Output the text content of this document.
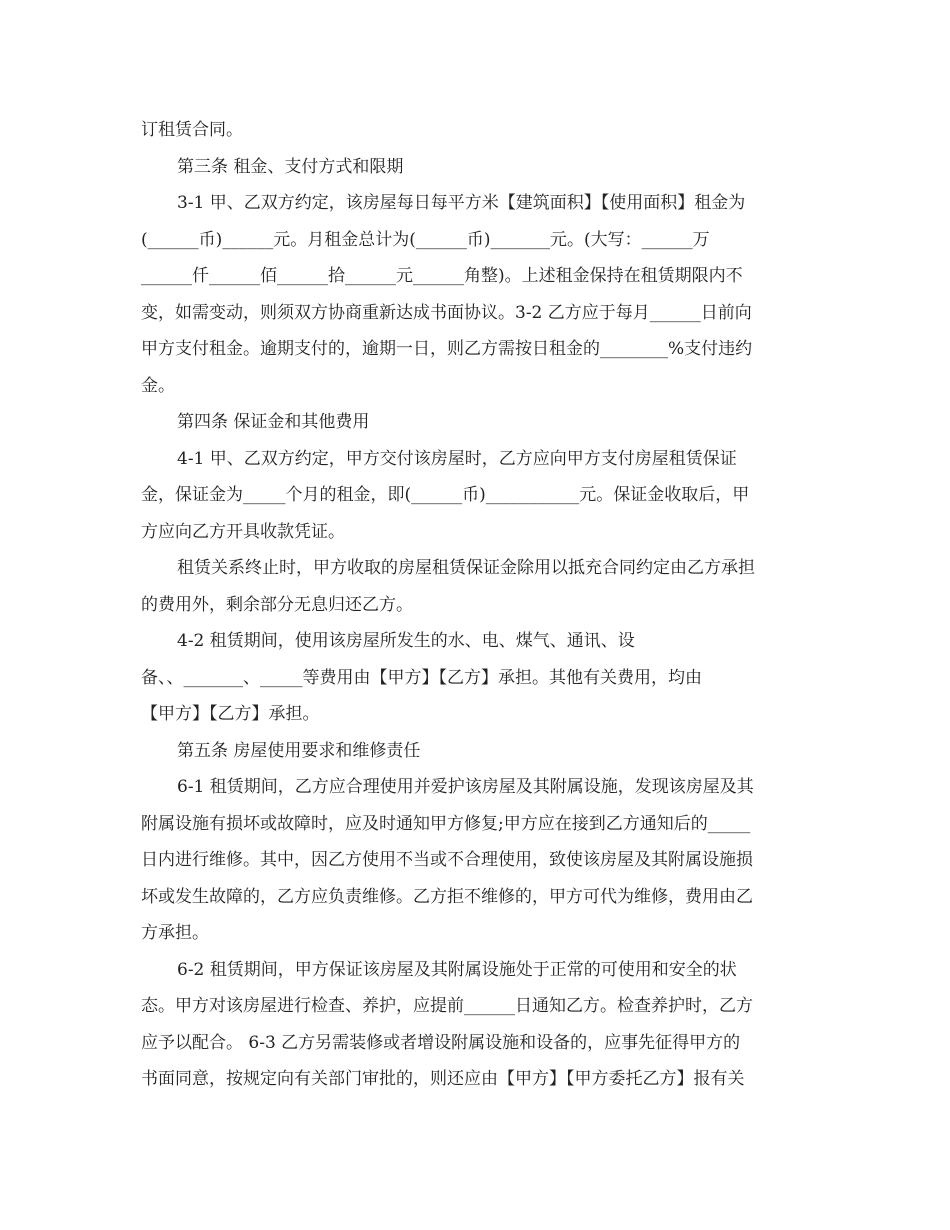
订租赁合同。
第三条 租金、支付方式和限期
3-1 甲、乙双方约定，该房屋每日每平方米【建筑面积】【使用面积】租金为
(______币)______元。月租金总计为(______币)_______元。(大写：______万
______仟______佰______拾______元______角整)。上述租金保持在租赁期限内不
变，如需变动，则须双方协商重新达成书面协议。3-2 乙方应于每月______日前向
甲方支付租金。逾期支付的，逾期一日，则乙方需按日租金的________%支付违约
金。
第四条 保证金和其他费用
4-1 甲、乙双方约定，甲方交付该房屋时，乙方应向甲方支付房屋租赁保证
金，保证金为_____个月的租金，即(______币)___________元。保证金收取后，甲
方应向乙方开具收款凭证。
租赁关系终止时，甲方收取的房屋租赁保证金除用以抵充合同约定由乙方承担
的费用外，剩余部分无息归还乙方。
4-2 租赁期间，使用该房屋所发生的水、电、煤气、通讯、设
备、、_______、_____等费用由【甲方】【乙方】承担。其他有关费用，均由
【甲方】【乙方】承担。
第五条 房屋使用要求和维修责任
6-1 租赁期间，乙方应合理使用并爱护该房屋及其附属设施，发现该房屋及其
附属设施有损坏或故障时，应及时通知甲方修复;甲方应在接到乙方通知后的_____
日内进行维修。其中，因乙方使用不当或不合理使用，致使该房屋及其附属设施损
坏或发生故障的，乙方应负责维修。乙方拒不维修的，甲方可代为维修，费用由乙
方承担。
6-2 租赁期间，甲方保证该房屋及其附属设施处于正常的可使用和安全的状
态。甲方对该房屋进行检查、养护，应提前______日通知乙方。检查养护时，乙方
应予以配合。 6-3 乙方另需装修或者增设附属设施和设备的，应事先征得甲方的
书面同意，按规定向有关部门审批的，则还应由【甲方】【甲方委托乙方】报有关
